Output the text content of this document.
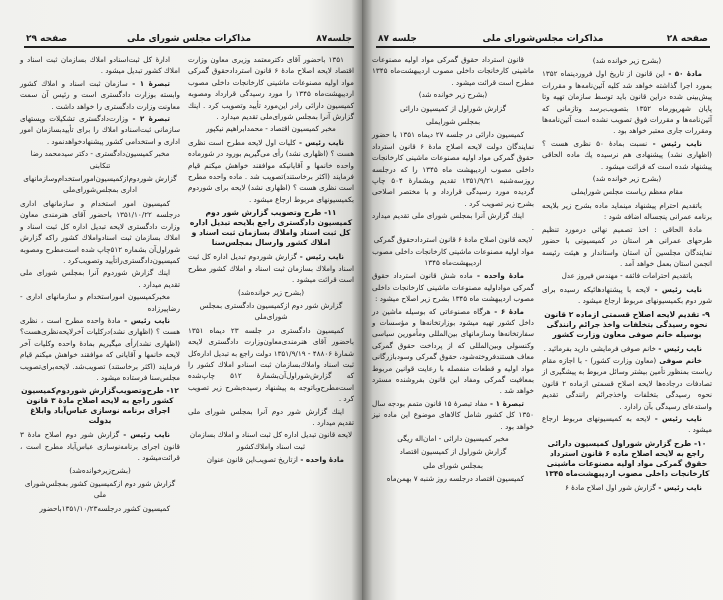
صفحه ۲۹	مذاکرات مجلس شورای ملی	جلسه۸۷
۱۳۵۱ باحضور آقای دکترمعتمد وزیری معاون وزارت اقتصاد لایحه اصلاح مادهٔ ۶ قانون استردادحقوق گمرکی مواد اولیه مصنوعات ماشینی کارخانجات داخلی مصوب اردیبهشت‌ماه ۱۳۴۵ را مورد رسیدگی قرارداد ومصوبه کمیسیون دارائی رادر این‌مورد تأیید وتصویب کرد . اینك گزارش آنرا بمجلس شورای‌ملی تقدیم میدارد .
مخبر کمیسیون اقتصاد - محمدابراهیم نیکپور
نایب رئیس - کلیات اول لایحه مطرح است نظری هست ؟ (اظهاری نشد) رأی می‌گیریم بورود در شورماده واحده خانمها و آقایانیکه موافقند خواهش میکنم قیام فرمایند (اکثر برخاستند)تصویب شد . ماده واحده مطرح است نظری هست ؟ (اظهاری نشد) لایحه برای شوردوم بکمیسیونهای مربوط ارجاع میشود .
۱۱- طرح وتصویب گزارش شور دوم کمیسیون دادگستری راجع بلایحه تبدیل اداره کل ثبت اسناد واملاك بسازمان ثبت اسناد و املاك کشور وارسال بمجلس‌سنا
نایب رئیس - گزارش شوردوم تبدیل اداره کل ثبت اسناد واملاك بسازمان ثبت اسناد و املاك کشور مطرح است قرائت میشود .
(بشرح زیر خوانده‌شد)
گزارش شور دوم ازکمیسیون دادگستری بمجلس شورای‌ملی
کمیسیون دادگستری در جلسه ۲۳ دیماه ۱۳۵۱ باحضور آقای هنرمندی‌معاون‌وزارت دادگستری لایحه شمارهٔ ۴۸۸۰۶ - ۱۳۵۱/۹/۱۹ دولت راجع به تبدیل اداره‌کل ثبت اسناد واملاك‌بسازمان ثبت اسنادو املاك کشور را که گزارش‌شوراول‌آن‌بشمارهٔ ۵۱۲ چاپ‌شده است‌مطرح‌وباتوجه به پیشنهاد رسیده‌بشرح زیر تصویب کرد .
اینك گزارش شور دوم آنرا بمجلس شورای ملی تقدیم میدارد .
لایحه قانون تبدیل اداره کل ثبت اسناد و املاك بسازمان ثبت اسناد واملاك‌کشور
مادهٔ واحده - ازتاریخ تصویب‌این قانون عنوان
ادارهٔ کل ثبت‌اسنادو املاك بسازمان ثبت اسناد و املاك کشور تبدیل میشود .
تبصرهٔ ۱ - سازمان ثبت اسناد و املاك کشور وابسته بوزارت دادگستری است و رئیس آن سمت معاونت وزارت دادگستری را خواهد داشت .
تبصرهٔ ۲ - وزارت‌دادگستری تشکیلات وپستهای سازمانی ثبت‌اسنادو املاك را برای تأییدبسازمان امور اداری و استخدامی کشور پیشنهادخواهدنمود .
مخبر کمیسیون‌دادگستری - دکتر سیدمحمد رضا تنکابنی
گزارش شوردوم‌ازکمیسیون‌اموراستخدام‌وسازمانهای اداری بمجلس‌شورای‌ملی
کمیسیون امور استخدام و سازمانهای اداری درجلسه ۱۳۵۱/۱۰/۲۲ باحضور آقای هنرمندی معاون وزارت دادگستری لایحه تبدیل اداره کل ثبت اسناد و املاك بسازمان ثبت اسنادواملاك کشور راکه گزارش شوراول‌آن بشماره ۵۱۲چاپ شده است‌مطرح ومصوبه کمیسیون‌دادگستری‌راتأیید وتصویب‌کرد .
اینك گزارش شوردوم آنرا بمجلس شورای ملی تقدیم میدارد .
مخبرکمیسیون امور‌استخدام و سازمانهای اداری - رضاپیرزاده
نایب رئیس - مادهٔ واحده مطرح است ، نظری هست ؟ (اظهاری نشد)درکلیات آخرلایحه‌نظری‌هست؟ (اظهاری نشد)رأی میگیریم بمادهٔ واحده وکلیات آخر لایحه خانمها و آقایانی که موافقند خواهش میکنم قیام فرمایند (اکثر برخاستند) تصویب‌شد. لایحه‌برای‌تصویب مجلس‌سنا فرستاده میشود .
۱۲- طرح‌وتصویب‌گزارش شوردوم‌کمیسیون کشور راجع به لایحه اصلاح مادهٔ ۳ قانون اجرای برنامه نوسازی عباس‌آباد وابلاغ بدولت
نایب رئیس - گزارش شور دوم اصلاح مادهٔ ۳ قانون اجرای برنامه‌نوسازی عباس‌آباد مطرح است ، قرائت‌میشود .
(بشرح‌زیرخوانده‌شد)
گزارش شور دوم ازکمیسیون کشور بمجلس‌شورای ملی
کمیسیون کشور درجلسه۱۳۵۱/۱۰/۲۳باحضور
صفحه ۲۸
مذاکرات مجلس‌شورای ملی
جلسه ۸۷
(بشرح زیر خوانده شد)
مادهٔ ۵۰ - این قانون از تاریخ اول فروردینماه ۱۳۵۲ بمورد اجرا گذاشته خواهد شد کلیه آئین‌نامه‌ها و مقررات پیش‌بینی شده دراین قانون باید توسط سازمان تهیه وتا پایان شهریورماه ۱۳۵۲ بتصویب‌برسد وتازمانی که آئین‌نامه‌ها و مقررات فوق تصویب نشده است آئین‌نامه‌ها ومقررات جاری معتبر خواهد بود .
نایب رئیس - نسبت بمادهٔ ۵۰ نظری هست ؟ (اظهاری نشد) پیشنهادی هم نرسیده یك ماده الحاقی پیشنهاد شده است که قرائت میشود .
(بشرح زیر خوانده شد)
مقام معظم ریاست مجلس شورایملی
باتقدیم احترام پیشنهاد مینماید ماده بشرح زیر بلایحه برنامه عمرانی پنجساله اضافه شود :
مادهٔ الحاقی : اخذ تصمیم نهائی درمورد تنظیم طرحهای عمرانی هر استان در کمیسیونی با حضور نمایندگان مجلسین آن استان واستاندار و هیئت رئیسه انجمن استان بعمل خواهد آمد .
باتقدیم احترامات فائقه - مهندس فیروز عدل
نایب رئیس - لایحه با پیشنهادهائیکه رسیده برای شور دوم بکمیسیونهای مربوط ارجاع میشود .
۹- تقدیم لایحه اصلاح قسمتی ازماده ۲ قانون نحوه رسیدگی بتخلفات واخذ جرائم رانندگی بوسیله خانم صوفی معاون وزارت کشور
نایب رئیس - خانم صوفی فرمایشی دارید بفرمائید .
خانم صوفی (معاون وزارت کشور) - با اجازه مقام ریاست بمنظور تأمین بیشتر وسائل مربوط به پیشگیری از تصادفات درجاده‌ها لایحه اصلاح قسمتی ازماده ۲ قانون نحوه رسیدگی بتخلفات واخذجرائم رانندگی تقدیم واستدعای رسیدگی بآن رادارد .
نایب رئیس - لایحه به کمیسیونهای مربوط ارجاع میشود .
۱۰- طرح گزارش شوراول کمیسیون دارائی راجع به لایحه اصلاح ماده ۶ قانون استرداد حقوق گمرکی مواد اولیه مصنوعات ماشینی کارخانجات داخلی مصوب اردیبهشت‌ماه ۱۳۴۵
نایب رئیس - گزارش شور اول اصلاح مادهٔ ۶
قانون استرداد حقوق گمرکی مواد اولیه مصنوعات ماشینی کارخانجات داخلی مصوب اردیبهشت‌ماه ۱۳۴۵ مطرح است قرائت میشود .
(بشرح زیر خوانده شد)
گزارش شوراول از کمیسیون دارائی
بمجلس شورایملی
کمیسیون دارائی در جلسه ۲۷ دیماه ۱۳۵۱ با حضور نمایندگان دولت لایحه اصلاح مادهٔ ۶ قانون استرداد حقوق گمرکی مواد اولیه مصنوعات ماشینی کارخانجات داخلی مصوب اردیبهشت ماه ۱۳۴۵ را که درجلسه روزسه‌شنبه ۱۳۵۱/۹/۲۱ تقدیم وبشمارهٔ ۵۰۴ چاپ گردیده مورد رسیدگی قرارداد و با مختصر اصلاحی بشرح زیر تصویب کرد .
اینك گزارش آنرا بمجلس شورای ملی تقدیم میدارد .
لایحه قانون اصلاح مادهٔ ۶ قانون استردادحقوق گمرکی مواد اولیه مصنوعات ماشینی کارخانجات داخلی مصوب اردیبهشت‌ماه ۱۳۴۵
مادهٔ واحده - ماده شش قانون استرداد حقوق گمرکی مواداولیه مصنوعات ماشینی کارخانجات داخلی مصوب اردیبهشت ماه ۱۳۴۵ بشرح زیر اصلاح میشود :
مادهٔ ۶ - هرگاه مصنوعاتی که بوسیله ماشین در داخل کشور تهیه میشود بوزارتخانه‌ها و مؤسسات و سفارتخانه‌ها وسازمانهای بین‌المللی ومأمورین سیاسی وکنسولی وبین‌المللی که از پرداخت حقوق گمرکی معاف هستندفروخته‌شود، حقوق گمرکی وسودبازرگانی مواد اولیه و قطعات منفصله با رعایت قوانین مربوط بمعافیت گمرکی ومفاد این قانون بفروشنده مسترد خواهد شد .
تبصرهٔ ۱ - مفاد تبصرهٔ ۱۵ قانون متمم بودجه سال ۱۳۵۰ کل کشور شامل کالاهای موضوع این ماده نیز خواهد بود .
مخبر کمیسیون دارائی - امان‌اله ریگی
گزارش شوراول از کمیسیون اقتصاد
بمجلس شورای ملی
کمیسیون اقتصاد درجلسه روز شنبه ۷ بهمن‌ماه
